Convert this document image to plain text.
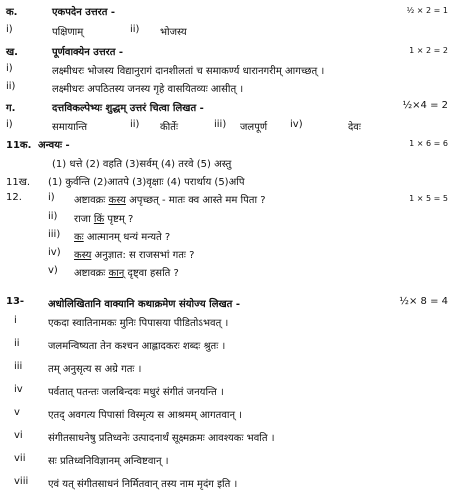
क.	एकपदेन उत्तरत -	½ × 2 = 1
i)	पक्षिणाम्	ii) भोजस्य
ख.	पूर्णवाक्येन उत्तरत -	1 × 2 = 2
i)	लक्ष्मीधरः भोजस्य विद्यानुरागं दानशीलतां च समाकर्ण्य धारानगरीम् आगच्छत् ।
ii)	लक्ष्मीधरः अपठितस्य जनस्य गृहे वासयितव्यः आसीत् ।
ग.	दत्तविकल्पेभ्यः शुद्धम् उत्तरं चित्वा लिखत -	½×4 = 2
i)	समायान्ति	ii) कीर्तेः	iii) जलपूर्ण iv)	देवः
11क. अन्वयः -	1 × 6 = 6
(1) धत्ते (2) वहति (3)सर्वम् (4) तरवे (5) अस्तु
11ख. (1) कुर्वन्ति (2)आतपे (3)वृक्षाः (4) परार्थाय (5)अपि
12.	i) अष्टावक्रः कस्य अपृच्छत् - मातः क्व आस्ते मम पिता ?	1 × 5 = 5
ii) राजा किं पृष्टम् ?
iii) कः आत्मानम् धन्यं मन्यते ?
iv) कस्य अनुज्ञात: स राजसभां गतः ?
v) अष्टावक्रः कान् दृष्ट्वा हसति ?
13- अधोलिखितानि वाक्यानि कथाक्रमेण संयोज्य लिखत -	½× 8 = 4
i	एकदा स्वातिनामकः मुनिः पिपासया पीडितोऽभवत् ।
ii	जलमन्विष्यता तेन कश्चन आह्लादकरः शब्दः श्रुतः ।
iii	तम् अनुसृत्य स अग्रे गतः ।
iv	पर्वतात् पतन्तः जलबिन्दवः मधुरं संगीतं जनयन्ति ।
v	एतद् अवगत्य पिपासां विस्मृत्य स आश्रमम् आगतवान् ।
vi	संगीतसाधनेषु प्रतिध्वनेः उत्पादनार्थं सूक्ष्मक्रमः आवश्यकः भवति ।
vii सः प्रतिध्वनिविज्ञानम् अन्विष्टवान् ।
viii एवं यत् संगीतसाधनं निर्मितवान् तस्य नाम मृदंग इति ।
